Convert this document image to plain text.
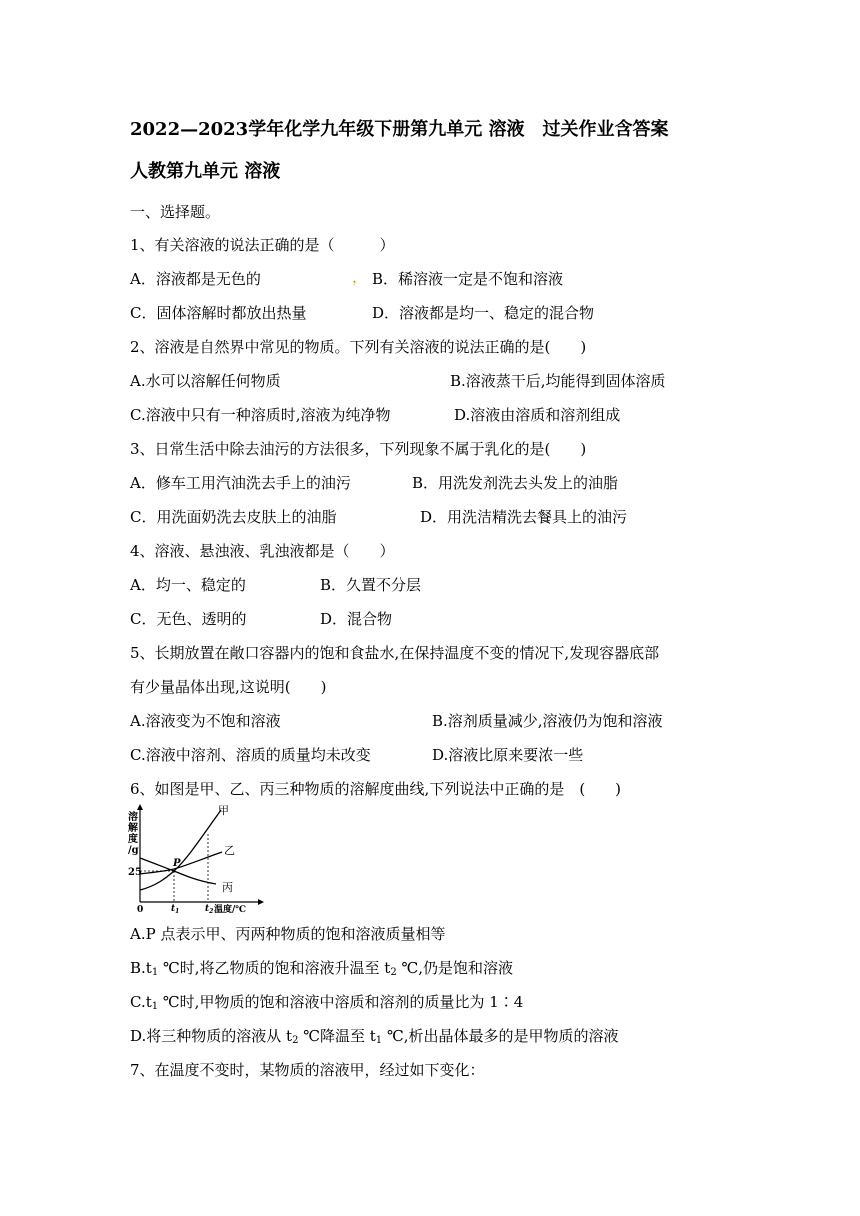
2022—2023学年化学九年级下册第九单元 溶液　过关作业含答案
人教第九单元 溶液
一、选择题。
1、有关溶液的说法正确的是（　　　）
A．溶液都是无色的	， B．稀溶液一定是不饱和溶液
C．固体溶解时都放出热量	D．溶液都是均一、稳定的混合物
2、溶液是自然界中常见的物质。下列有关溶液的说法正确的是(　　)
A.水可以溶解任何物质	B.溶液蒸干后,均能得到固体溶质
C.溶液中只有一种溶质时,溶液为纯净物	D.溶液由溶质和溶剂组成
3、日常生活中除去油污的方法很多，下列现象不属于乳化的是(　　)
A．修车工用汽油洗去手上的油污	B．用洗发剂洗去头发上的油脂
C．用洗面奶洗去皮肤上的油脂	D．用洗洁精洗去餐具上的油污
4、溶液、悬浊液、乳浊液都是（　　）
A．均一、稳定的	B．久置不分层
C．无色、透明的	D．混合物
5、长期放置在敞口容器内的饱和食盐水,在保持温度不变的情况下,发现容器底部
有少量晶体出现,这说明(　　)
A.溶液变为不饱和溶液	B.溶剂质量减少,溶液仍为饱和溶液
C.溶液中溶剂、溶质的质量均未改变	D.溶液比原来要浓一些
6、如图是甲、乙、丙三种物质的溶解度曲线,下列说法中正确的是　(　　)
溶
解
度
/g
25
甲
乙
丙
P
0	$t_1$	$t_2$ 温度/℃
A.P 点表示甲、丙两种物质的饱和溶液质量相等
$B.t_1$ ℃时,将乙物质的饱和溶液升温至 $t_2$ ℃,仍是饱和溶液
$C.t_1$ ℃时,甲物质的饱和溶液中溶质和溶剂的质量比为 1∶4
D.将三种物质的溶液从 $t_2$ ℃降温至 $t_1$ ℃,析出晶体最多的是甲物质的溶液
7、在温度不变时，某物质的溶液甲，经过如下变化：
